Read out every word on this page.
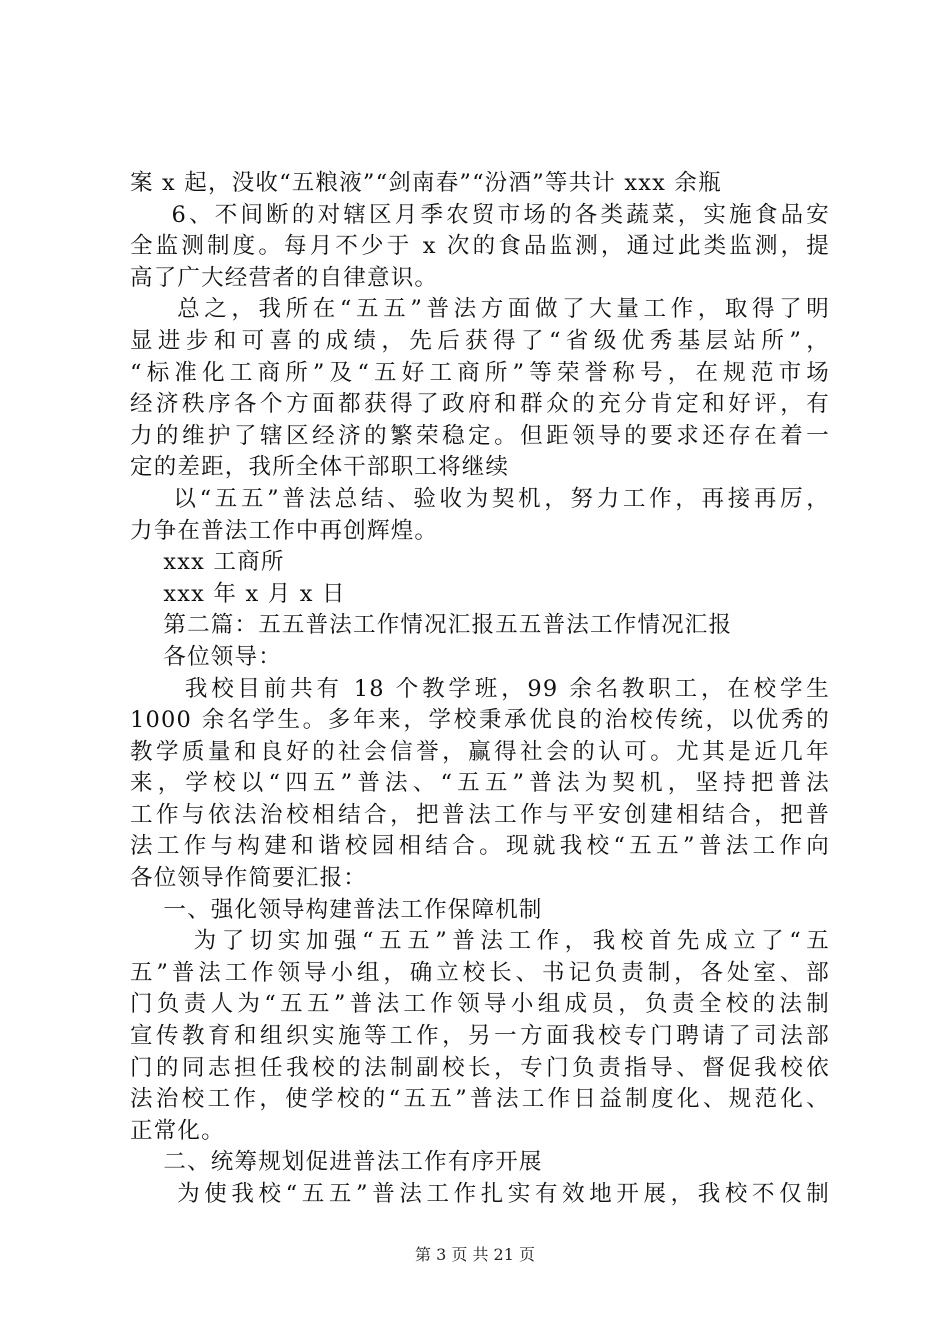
案 x 起，没收“五粮液”“剑南春”“汾酒”等共计 xxx 余瓶
6、不间断的对辖区月季农贸市场的各类蔬菜，实施食品安
全监测制度。每月不少于 x 次的食品监测，通过此类监测，提
高了广大经营者的自律意识。
总之，我所在“五五”普法方面做了大量工作，取得了明
显进步和可喜的成绩，先后获得了“省级优秀基层站所”，
“标准化工商所”及“五好工商所”等荣誉称号，在规范市场
经济秩序各个方面都获得了政府和群众的充分肯定和好评，有
力的维护了辖区经济的繁荣稳定。但距领导的要求还存在着一
定的差距，我所全体干部职工将继续
以“五五”普法总结、验收为契机，努力工作，再接再厉，
力争在普法工作中再创辉煌。
xxx 工商所
xxx 年 x 月 x 日
第二篇：五五普法工作情况汇报五五普法工作情况汇报
各位领导：
我校目前共有 18 个教学班，99 余名教职工，在校学生
1000 余名学生。多年来，学校秉承优良的治校传统，以优秀的
教学质量和良好的社会信誉，赢得社会的认可。尤其是近几年
来，学校以“四五”普法、“五五”普法为契机，坚持把普法
工作与依法治校相结合，把普法工作与平安创建相结合，把普
法工作与构建和谐校园相结合。现就我校“五五”普法工作向
各位领导作简要汇报：
一、强化领导构建普法工作保障机制
为了切实加强“五五”普法工作，我校首先成立了“五
五”普法工作领导小组，确立校长、书记负责制，各处室、部
门负责人为“五五”普法工作领导小组成员，负责全校的法制
宣传教育和组织实施等工作，另一方面我校专门聘请了司法部
门的同志担任我校的法制副校长，专门负责指导、督促我校依
法治校工作，使学校的“五五”普法工作日益制度化、规范化、
正常化。
二、统筹规划促进普法工作有序开展
为使我校“五五”普法工作扎实有效地开展，我校不仅制
第 3 页 共 21 页
